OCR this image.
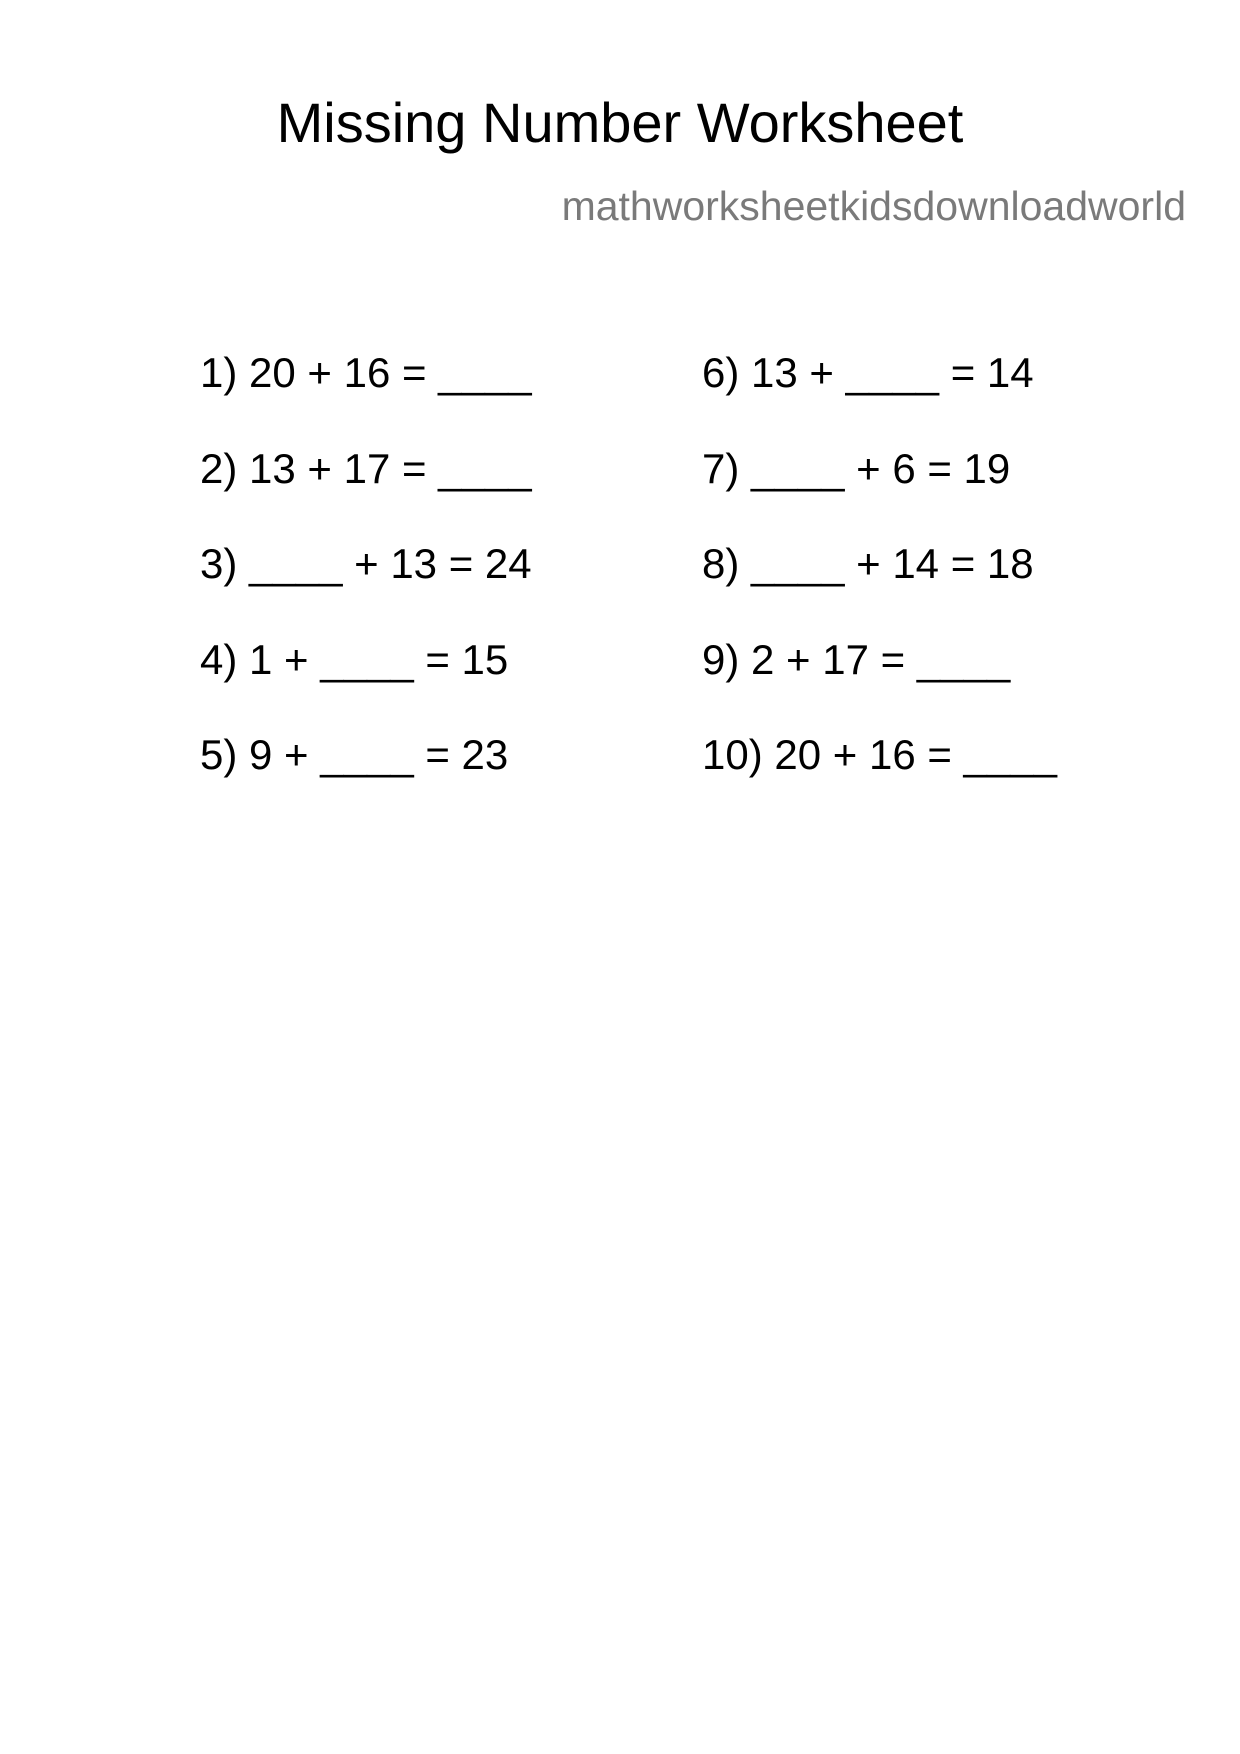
Missing Number Worksheet
mathworksheetkidsdownloadworld
1) 20 + 16 = ____
2) 13 + 17 = ____
3) ____ + 13 = 24
4) 1 + ____ = 15
5) 9 + ____ = 23
6) 13 + ____ = 14
7) ____ + 6 = 19
8) ____ + 14 = 18
9) 2 + 17 = ____
10) 20 + 16 = ____
